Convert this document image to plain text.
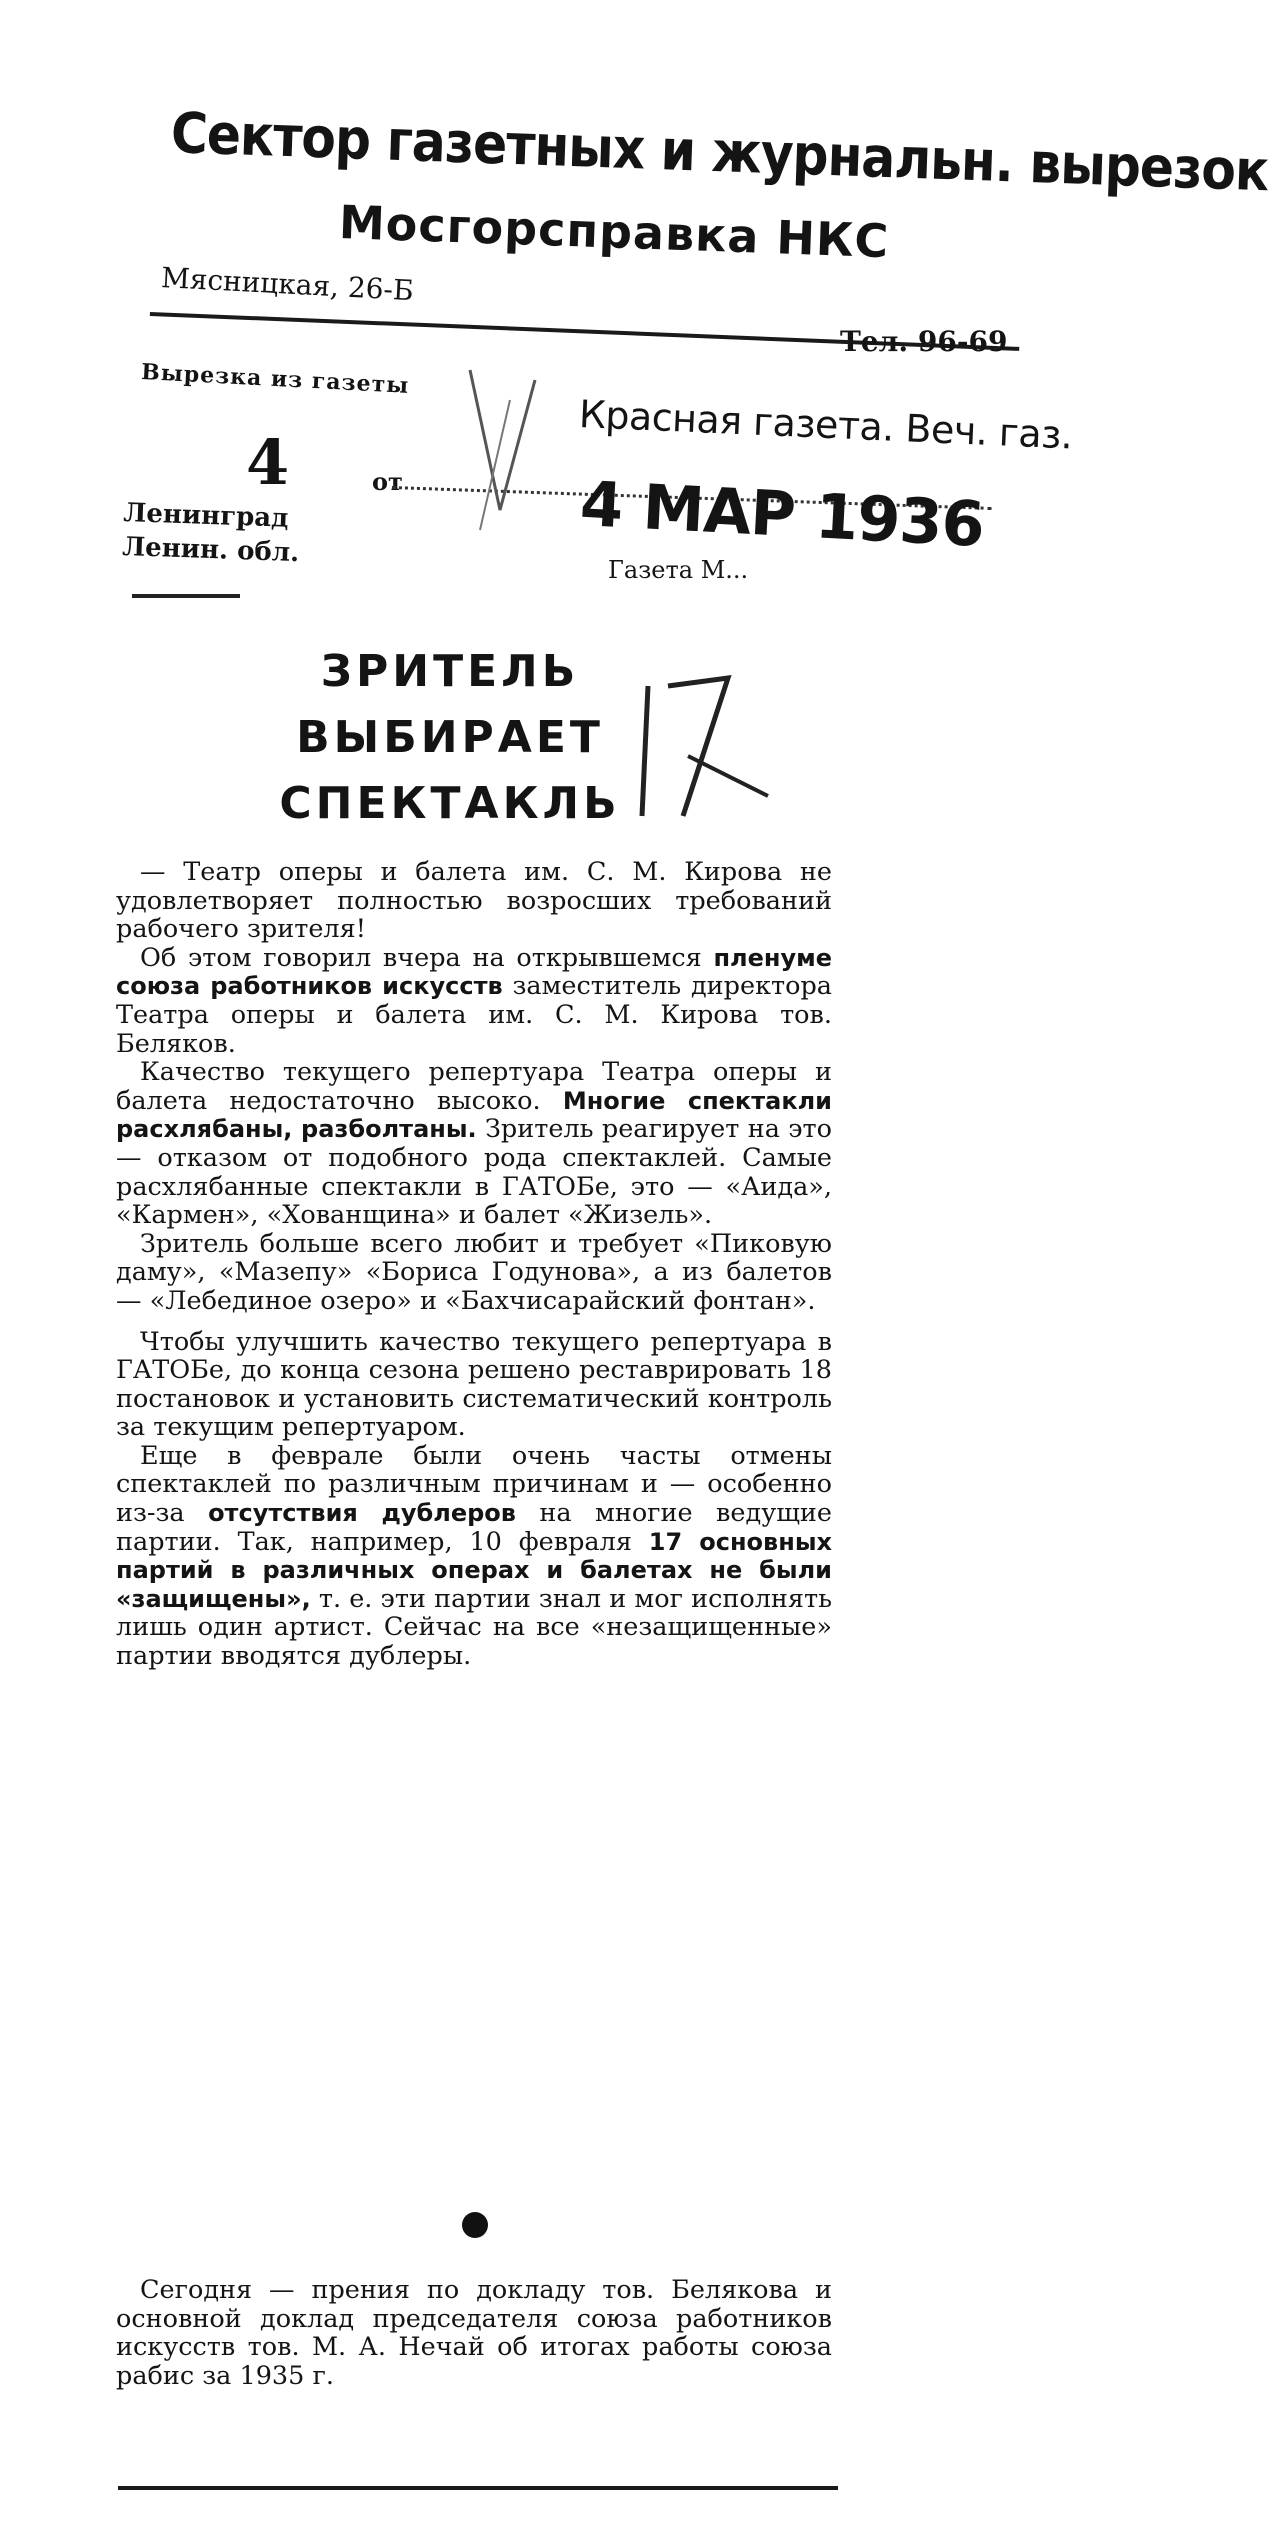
Сектор газетных и журнальн. вырезок
Мосгорсправка НКС
Мясницкая, 26-Б
Тел. 96-69
Вырезка из газеты
Красная газета. Веч. газ.
4	от	4 МАР 1936
Ленинград
Ленин. обл.
Газета М...
ЗРИТЕЛЬ
ВЫБИРАЕТ
СПЕКТАКЛЬ

— Театр оперы и балета им. С. М. Кирова не удовлетворяет полностью возросших требований рабочего зрителя!

Об этом говорил вчера на открывшемся пленуме союза работников искусств заместитель директора Театра оперы и балета им. С. М. Кирова тов. Беляков.

Качество текущего репертуара Театра оперы и балета недостаточно высоко. Многие спектакли расхлябаны, разболтаны. Зритель реагирует на это — отказом от подобного рода спектаклей. Самые расхлябанные спектакли в ГАТОБе, это — «Аида», «Кармен», «Хованщина» и балет «Жизель».

Зритель больше всего любит и требует «Пиковую даму», «Мазепу» «Бориса Годунова», а из балетов — «Лебединое озеро» и «Бахчисарайский фонтан».

Чтобы улучшить качество текущего репертуара в ГАТОБе, до конца сезона решено реставрировать 18 постановок и установить систематический контроль за текущим репертуаром.

Еще в феврале были очень часты отмены спектаклей по различным причинам и — особенно из-за отсутствия дублеров на многие ведущие партии. Так, например, 10 февраля 17 основных партий в различных операх и балетах не были «защищены», т. е. эти партии знал и мог исполнять лишь один артист. Сейчас на все «незащищенные» партии вводятся дублеры.

Сегодня — прения по докладу тов. Белякова и основной доклад председателя союза работников искусств тов. М. А. Нечай об итогах работы союза рабис за 1935 г.
